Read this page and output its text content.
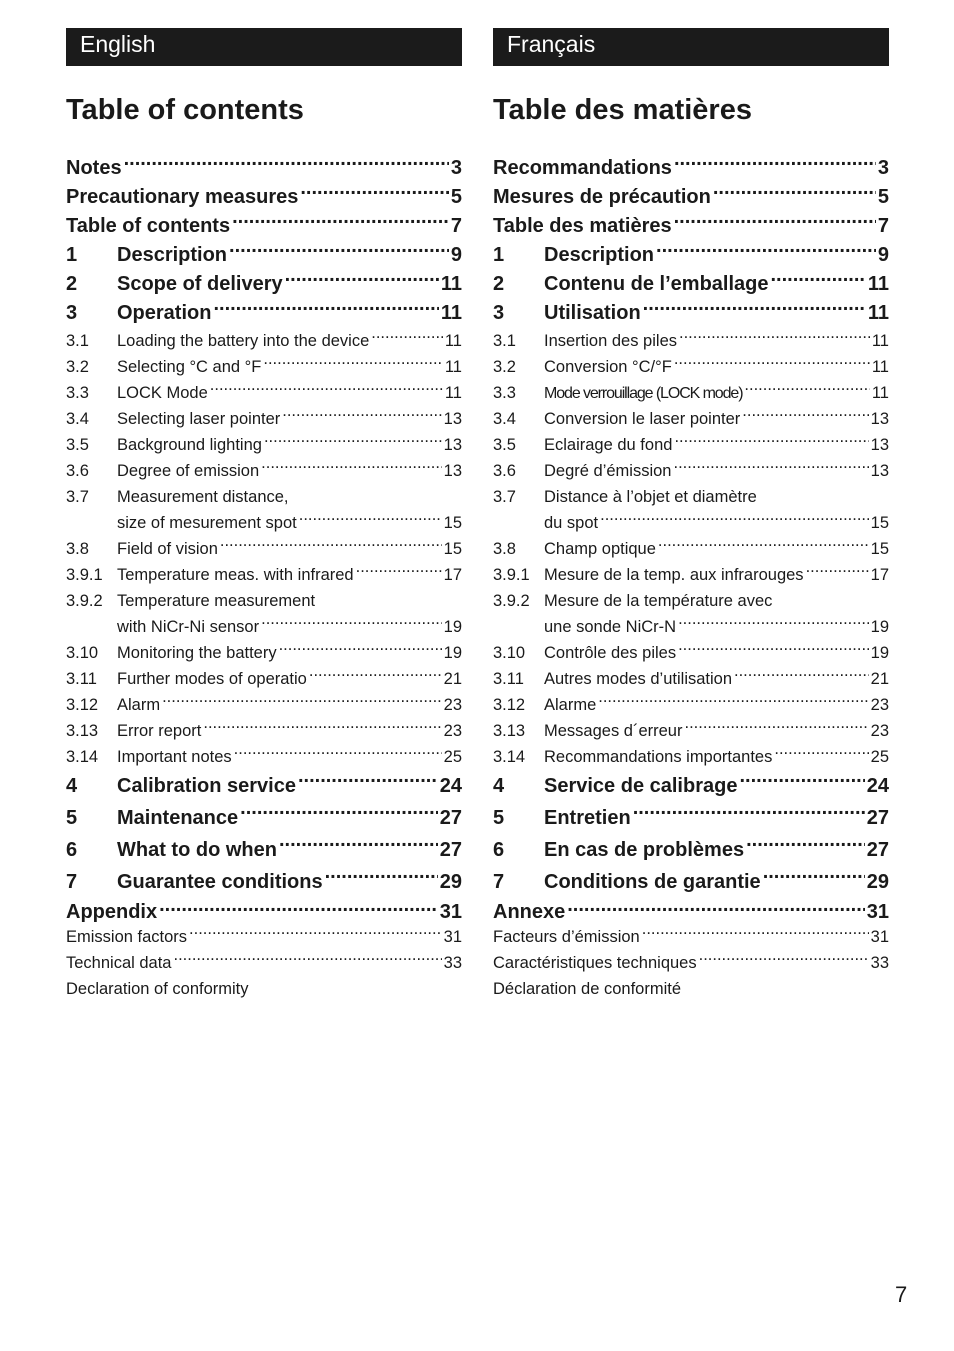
English
Table of contents
Notes .....	3
Precautionary measures .....	5
Table of contents .....	7
1	Description .....	9
2	Scope of delivery .....	11
3	Operation .....	11
3.1	Loading the battery into the device .....	11
3.2	Selecting °C and °F .....	11
3.3	LOCK Mode .....	11
3.4	Selecting laser pointer .....	13
3.5	Background lighting .....	13
3.6	Degree of emission .....	13
3.7	Measurement distance,
size of mesurement spot .....	15
3.8	Field of vision .....	15
3.9.1 Temperature meas. with infrared .....	17
3.9.2 Temperature measurement
with NiCr-Ni sensor .....	19
3.10	Monitoring the battery .....	19
3.11	Further modes of operatio .....	21
3.12	Alarm .....	23
3.13	Error report .....	23
3.14	Important notes .....	25
4	Calibration service .....	24
5	Maintenance .....	27
6	What to do when .....	27
7	Guarantee conditions .....	29
Appendix .....	31
Emission factors .....	31
Technical data .....	33
Declaration of conformity
Français
Table des matières
Recommandations .....	3
Mesures de précaution .....	5
Table des matières .....	7
1	Description .....	9
2	Contenu de l’emballage .....	11
3	Utilisation .....	11
3.1	Insertion des piles .....	11
3.2	Conversion °C/°F .....	11
3.3	Mode verrouillage (LOCK mode) .....	11
3.4	Conversion le laser pointer .....	13
3.5	Eclairage du fond .....	13
3.6	Degré d’émission .....	13
3.7	Distance à l’objet et diamètre
du spot .....	15
3.8	Champ optique .....	15
3.9.1 Mesure de la temp. aux infrarouges .....	17
3.9.2 Mesure de la température avec
une sonde NiCr-N .....	19
3.10	Contrôle des piles .....	19
3.11	Autres modes d’utilisation .....	21
3.12	Alarme .....	23
3.13	Messages d´erreur .....	23
3.14	Recommandations importantes .....	25
4	Service de calibrage .....	24
5	Entretien .....	27
6	En cas de problèmes .....	27
7	Conditions de garantie .....	29
Annexe .....	31
Facteurs d’émission .....	31
Caractéristiques techniques .....	33
Déclaration de conformité
7
